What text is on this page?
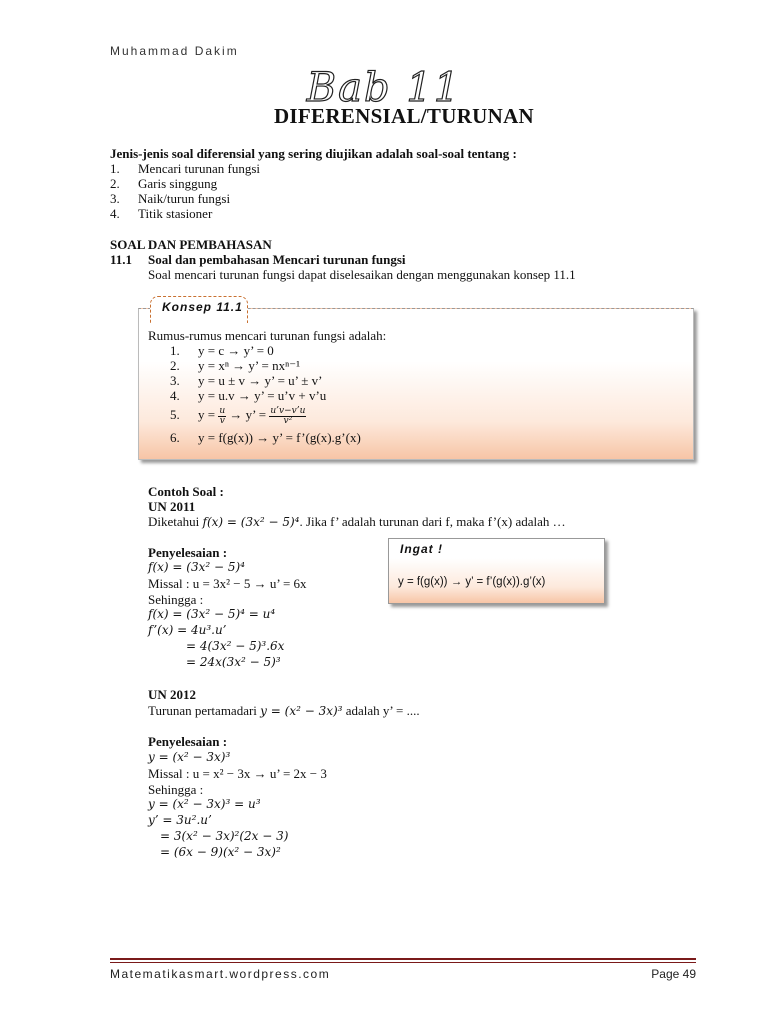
Muhammad Dakim
Bab 11
DIFERENSIAL/TURUNAN
Jenis-jenis soal diferensial yang sering diujikan adalah soal-soal tentang :
1. Mencari turunan fungsi
2. Garis singgung
3. Naik/turun fungsi
4. Titik stasioner
SOAL DAN PEMBAHASAN
11.1 Soal dan pembahasan Mencari turunan fungsi
Soal mencari turunan fungsi dapat diselesaikan dengan menggunakan konsep 11.1
Konsep 11.1
Rumus-rumus mencari turunan fungsi adalah:
1. y = c → y’ = 0
2. y = xⁿ → y’ = nxⁿ⁻¹
3. y = u ± v → y’ = u’ ± v’
4. y = u.v → y’ = u’v + v’u
5. $y = \frac{u}{v} \to y$’ = $\frac{u’v-v’u}{\text{v²}}$
6. y = f(g(x)) → y’ = f’(g(x).g’(x)
Contoh Soal :
UN 2011
Diketahui f(x) = (3x² − 5)⁴. Jika f’ adalah turunan dari f, maka f’(x) adalah …
Penyelesaian :
f(x) = (3x² − 5)⁴
Missal : u = 3x² − 5 → u’ = 6x
Sehingga :
f(x) = (3x² − 5)⁴ = u⁴
f’(x) = 4u³.u’
= 4(3x² − 5)³.6x
= 24x(3x² − 5)³
Ingat !
y = f(g(x)) → y’ = f’(g(x)).g’(x)
UN 2012
Turunan pertamadari y = (x² − 3x)³ adalah y’ = ....
Penyelesaian :
y = (x² − 3x)³
Missal : u = x² − 3x → u’ = 2x − 3
Sehingga :
y = (x² − 3x)³ = u³
y’ = 3u².u’
= 3(x² − 3x)²(2x − 3)
= (6x − 9)(x² − 3x)²
Matematikasmart.wordpress.com	Page 49
